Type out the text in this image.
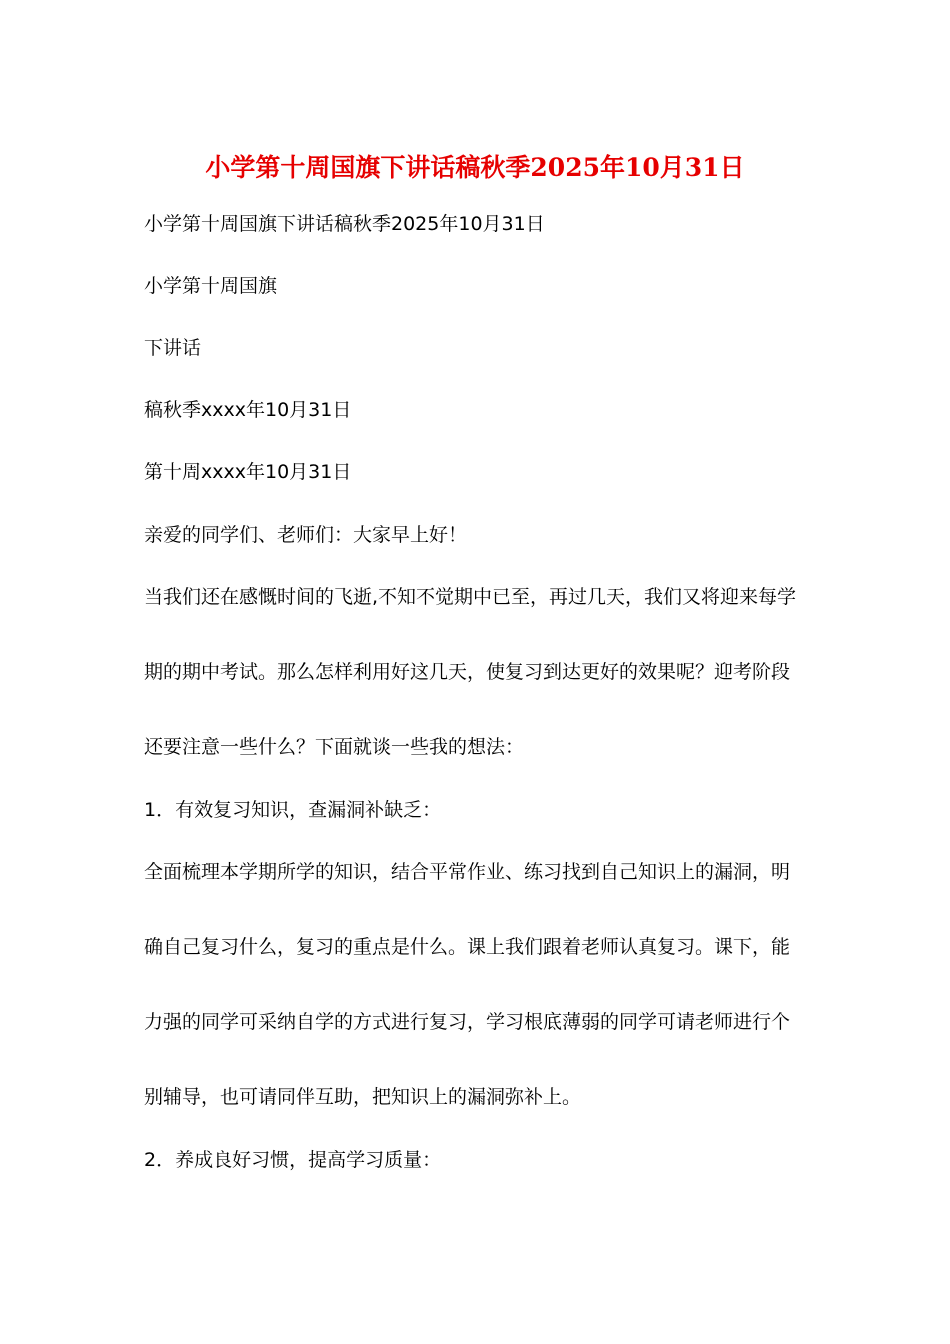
小学第十周国旗下讲话稿秋季2025年10月31日
小学第十周国旗下讲话稿秋季2025年10月31日
小学第十周国旗
下讲话
稿秋季xxxx年10月31日
第十周xxxx年10月31日
亲爱的同学们、老师们：大家早上好！
当我们还在感慨时间的飞逝,不知不觉期中已至，再过几天，我们又将迎来每学
期的期中考试。那么怎样利用好这几天，使复习到达更好的效果呢？迎考阶段
还要注意一些什么？下面就谈一些我的想法：
1．有效复习知识，查漏洞补缺乏：
全面梳理本学期所学的知识，结合平常作业、练习找到自己知识上的漏洞，明
确自己复习什么，复习的重点是什么。课上我们跟着老师认真复习。课下，能
力强的同学可采纳自学的方式进行复习，学习根底薄弱的同学可请老师进行个
别辅导，也可请同伴互助，把知识上的漏洞弥补上。
2．养成良好习惯，提高学习质量：
